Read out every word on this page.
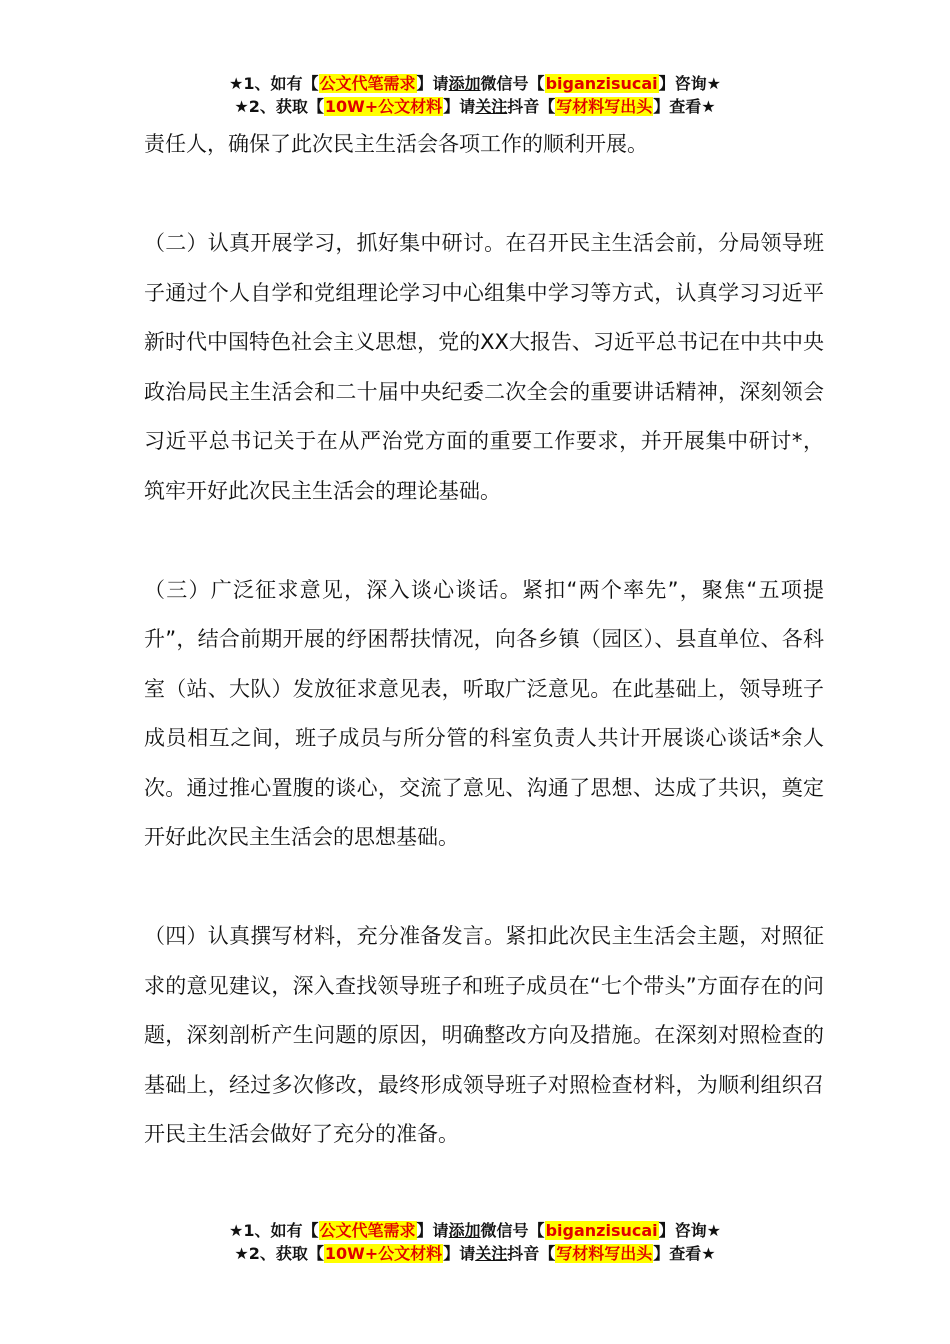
★1、如有【公文代笔需求】请添加微信号【biganzisucai】咨询★
★2、获取【10W+公文材料】请关注抖音【写材料写出头】查看★

责任人，确保了此次民主生活会各项工作的顺利开展。

（二）认真开展学习，抓好集中研讨。在召开民主生活会前，分局领导班子通过个人自学和党组理论学习中心组集中学习等方式，认真学习习近平新时代中国特色社会主义思想，党的XX大报告、习近平总书记在中共中央政治局民主生活会和二十届中央纪委二次全会的重要讲话精神，深刻领会习近平总书记关于在从严治党方面的重要工作要求，并开展集中研讨*，筑牢开好此次民主生活会的理论基础。

（三）广泛征求意见，深入谈心谈话。紧扣“两个率先”，聚焦“五项提升”，结合前期开展的纾困帮扶情况，向各乡镇（园区）、县直单位、各科室（站、大队）发放征求意见表，听取广泛意见。在此基础上，领导班子成员相互之间，班子成员与所分管的科室负责人共计开展谈心谈话*余人次。通过推心置腹的谈心，交流了意见、沟通了思想、达成了共识，奠定开好此次民主生活会的思想基础。

（四）认真撰写材料，充分准备发言。紧扣此次民主生活会主题，对照征求的意见建议，深入查找领导班子和班子成员在“七个带头”方面存在的问题，深刻剖析产生问题的原因，明确整改方向及措施。在深刻对照检查的基础上，经过多次修改，最终形成领导班子对照检查材料，为顺利组织召开民主生活会做好了充分的准备。

★1、如有【公文代笔需求】请添加微信号【biganzisucai】咨询★
★2、获取【10W+公文材料】请关注抖音【写材料写出头】查看★
